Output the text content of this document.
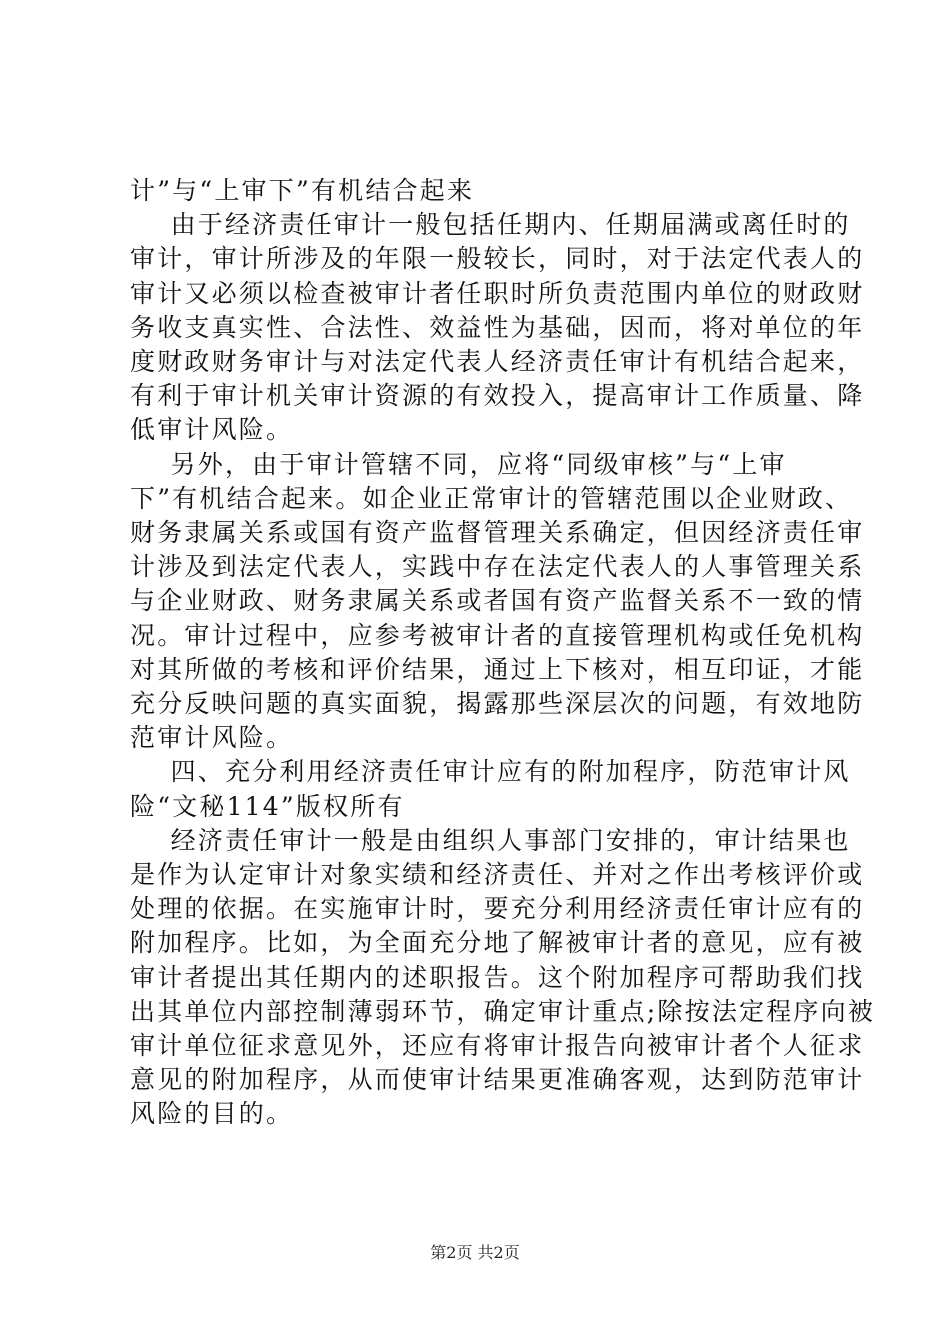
计”与“上审下”有机结合起来
由于经济责任审计一般包括任期内、任期届满或离任时的
审计，审计所涉及的年限一般较长，同时，对于法定代表人的
审计又必须以检查被审计者任职时所负责范围内单位的财政财
务收支真实性、合法性、效益性为基础，因而，将对单位的年
度财政财务审计与对法定代表人经济责任审计有机结合起来，
有利于审计机关审计资源的有效投入，提高审计工作质量、降
低审计风险。
另外，由于审计管辖不同，应将“同级审核”与“上审
下”有机结合起来。如企业正常审计的管辖范围以企业财政、
财务隶属关系或国有资产监督管理关系确定，但因经济责任审
计涉及到法定代表人，实践中存在法定代表人的人事管理关系
与企业财政、财务隶属关系或者国有资产监督关系不一致的情
况。审计过程中，应参考被审计者的直接管理机构或任免机构
对其所做的考核和评价结果，通过上下核对，相互印证，才能
充分反映问题的真实面貌，揭露那些深层次的问题，有效地防
范审计风险。
四、充分利用经济责任审计应有的附加程序，防范审计风
险“文秘114”版权所有
经济责任审计一般是由组织人事部门安排的，审计结果也
是作为认定审计对象实绩和经济责任、并对之作出考核评价或
处理的依据。在实施审计时，要充分利用经济责任审计应有的
附加程序。比如，为全面充分地了解被审计者的意见，应有被
审计者提出其任期内的述职报告。这个附加程序可帮助我们找
出其单位内部控制薄弱环节，确定审计重点;除按法定程序向被
审计单位征求意见外，还应有将审计报告向被审计者个人征求
意见的附加程序，从而使审计结果更准确客观，达到防范审计
风险的目的。
第2页 共2页
